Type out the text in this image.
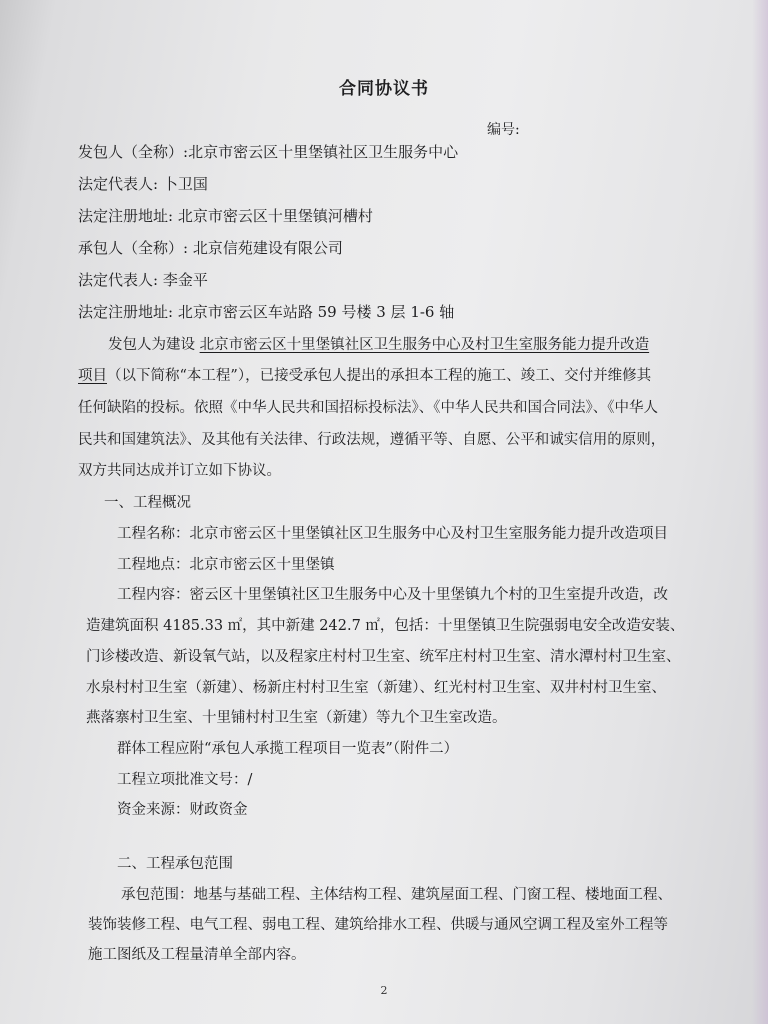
合同协议书
编号:
发包人（全称）:北京市密云区十里堡镇社区卫生服务中心
法定代表人: 卜卫国
法定注册地址: 北京市密云区十里堡镇河槽村
承包人（全称）: 北京信苑建设有限公司
法定代表人: 李金平
法定注册地址: 北京市密云区车站路 59 号楼 3 层 1-6 轴
发包人为建设 北京市密云区十里堡镇社区卫生服务中心及村卫生室服务能力提升改造
项目（以下简称“本工程”），已接受承包人提出的承担本工程的施工、竣工、交付并维修其
任何缺陷的投标。依照《中华人民共和国招标投标法》、《中华人民共和国合同法》、《中华人
民共和国建筑法》、及其他有关法律、行政法规，遵循平等、自愿、公平和诚实信用的原则，
双方共同达成并订立如下协议。
一、工程概况
工程名称：北京市密云区十里堡镇社区卫生服务中心及村卫生室服务能力提升改造项目
工程地点：北京市密云区十里堡镇
工程内容：密云区十里堡镇社区卫生服务中心及十里堡镇九个村的卫生室提升改造，改
造建筑面积 4185.33 ㎡，其中新建 242.7 ㎡，包括：十里堡镇卫生院强弱电安全改造安装、
门诊楼改造、新设氧气站，以及程家庄村村卫生室、统军庄村村卫生室、清水潭村村卫生室、
水泉村村卫生室（新建）、杨新庄村村卫生室（新建）、红光村村卫生室、双井村村卫生室、
燕落寨村卫生室、十里铺村村卫生室（新建）等九个卫生室改造。
群体工程应附“承包人承揽工程项目一览表”（附件二）
工程立项批准文号：/
资金来源：财政资金
二、工程承包范围
承包范围：地基与基础工程、主体结构工程、建筑屋面工程、门窗工程、楼地面工程、
装饰装修工程、电气工程、弱电工程、建筑给排水工程、供暖与通风空调工程及室外工程等
施工图纸及工程量清单全部内容。
2
